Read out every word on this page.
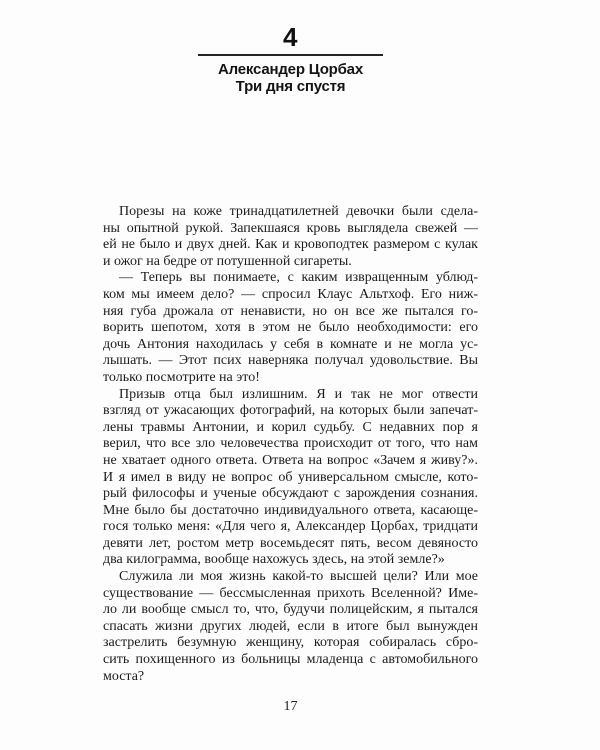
4
Александер Цорбах
Три дня спустя
Порезы на коже тринадцатилетней девочки были сдела-
ны опытной рукой. Запекшаяся кровь выглядела свежей —
ей не было и двух дней. Как и кровоподтек размером с кулак
и ожог на бедре от потушенной сигареты.
— Теперь вы понимаете, с каким извращенным ублюд-
ком мы имеем дело? — спросил Клаус Альтхоф. Его ниж-
няя губа дрожала от ненависти, но он все же пытался го-
ворить шепотом, хотя в этом не было необходимости: его
дочь Антония находилась у себя в комнате и не могла ус-
лышать. — Этот псих наверняка получал удовольствие. Вы
только посмотрите на это!
Призыв отца был излишним. Я и так не мог отвести
взгляд от ужасающих фотографий, на которых были запечат-
лены травмы Антонии, и корил судьбу. С недавних пор я
верил, что все зло человечества происходит от того, что нам
не хватает одного ответа. Ответа на вопрос «Зачем я живу?».
И я имел в виду не вопрос об универсальном смысле, кото-
рый философы и ученые обсуждают с зарождения сознания.
Мне было бы достаточно индивидуального ответа, касающе-
гося только меня: «Для чего я, Александер Цорбах, тридцати
девяти лет, ростом метр восемьдесят пять, весом девяносто
два килограмма, вообще нахожусь здесь, на этой земле?»
Служила ли моя жизнь какой-то высшей цели? Или мое
существование — бессмысленная прихоть Вселенной? Име-
ло ли вообще смысл то, что, будучи полицейским, я пытался
спасать жизни других людей, если в итоге был вынужден
застрелить безумную женщину, которая собиралась сбро-
сить похищенного из больницы младенца с автомобильного
моста?
17
